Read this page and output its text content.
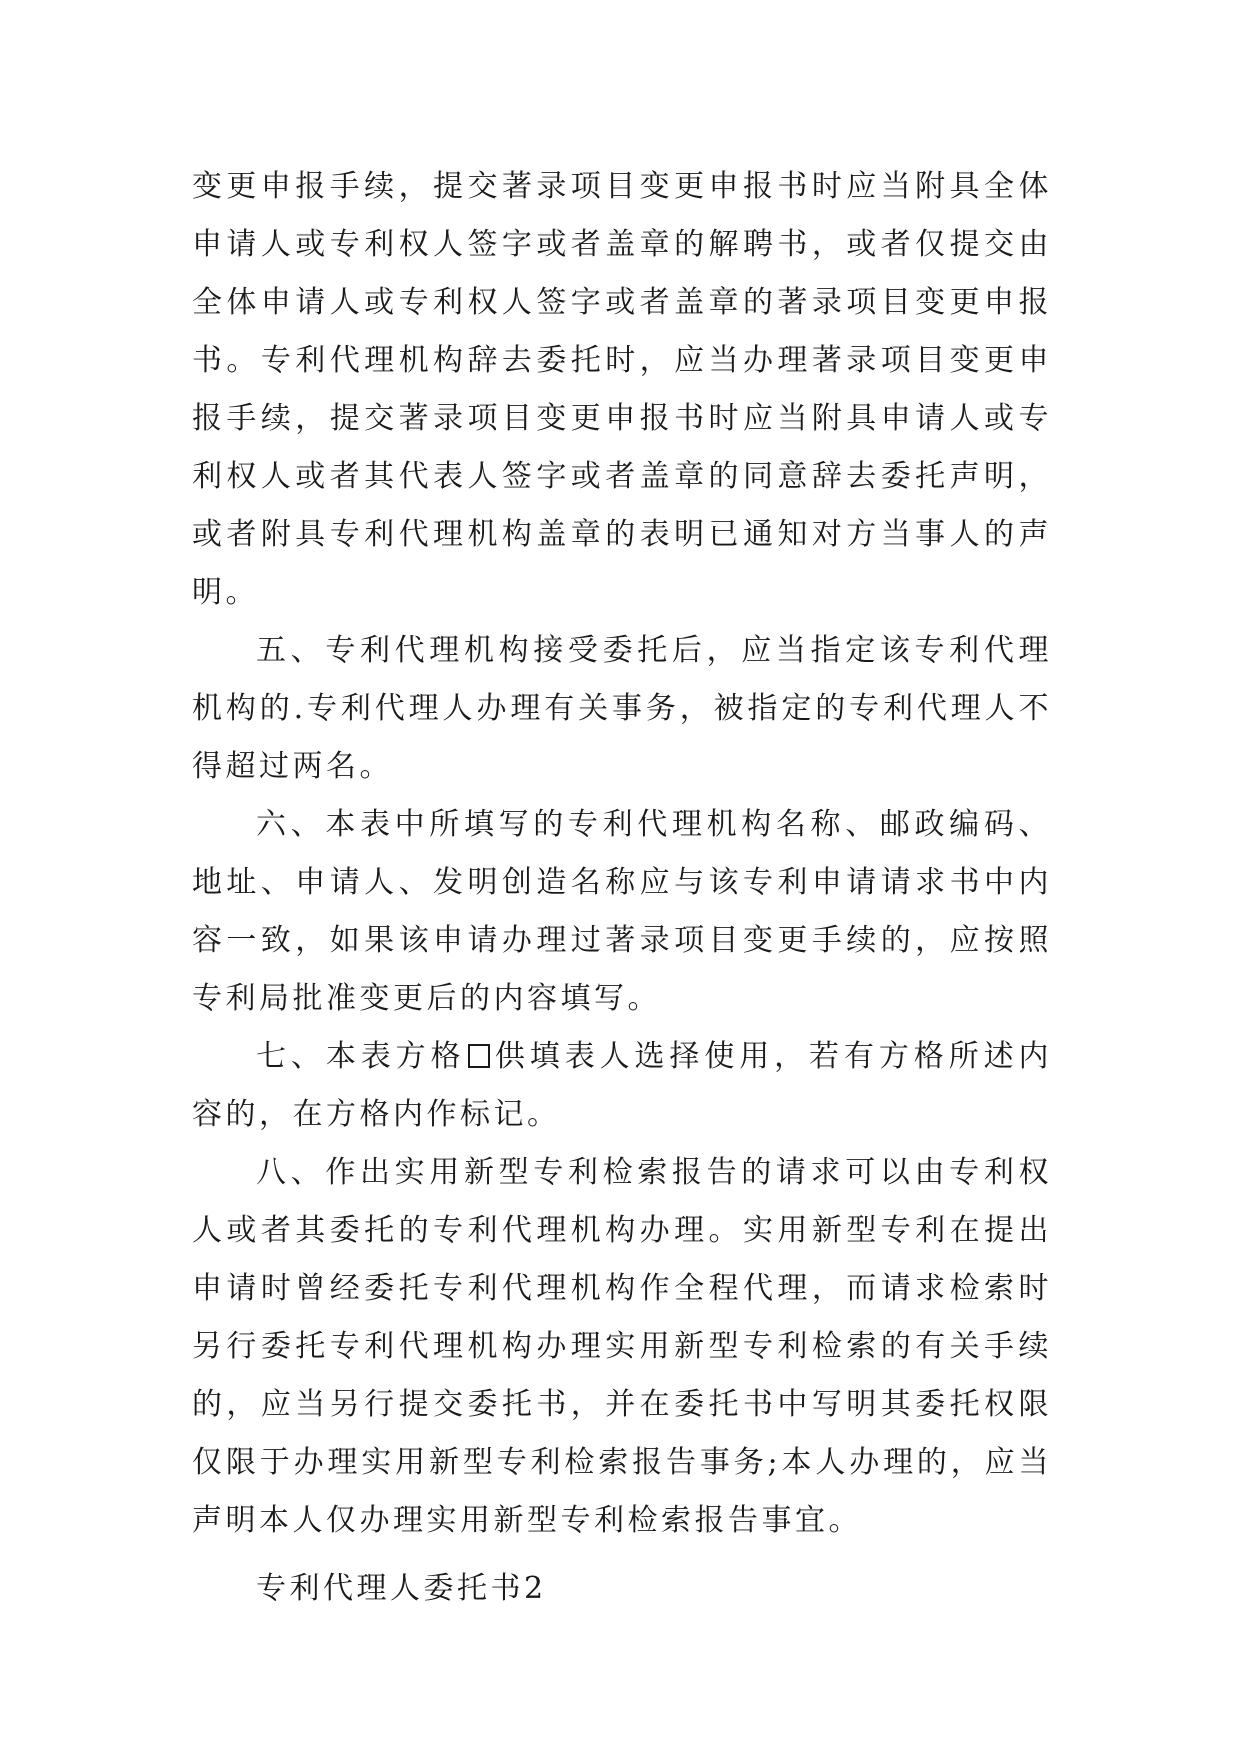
变更申报手续，提交著录项目变更申报书时应当附具全体申请人或专利权人签字或者盖章的解聘书，或者仅提交由全体申请人或专利权人签字或者盖章的著录项目变更申报书。专利代理机构辞去委托时，应当办理著录项目变更申报手续，提交著录项目变更申报书时应当附具申请人或专利权人或者其代表人签字或者盖章的同意辞去委托声明，或者附具专利代理机构盖章的表明已通知对方当事人的声明。

五、专利代理机构接受委托后，应当指定该专利代理机构的.专利代理人办理有关事务，被指定的专利代理人不得超过两名。

六、本表中所填写的专利代理机构名称、邮政编码、地址、申请人、发明创造名称应与该专利申请请求书中内容一致，如果该申请办理过著录项目变更手续的，应按照专利局批准变更后的内容填写。

七、本表方格 供填表人选择使用，若有方格所述内容的，在方格内作标记。

八、作出实用新型专利检索报告的请求可以由专利权人或者其委托的专利代理机构办理。实用新型专利在提出申请时曾经委托专利代理机构作全程代理，而请求检索时另行委托专利代理机构办理实用新型专利检索的有关手续的，应当另行提交委托书，并在委托书中写明其委托权限仅限于办理实用新型专利检索报告事务;本人办理的，应当声明本人仅办理实用新型专利检索报告事宜。

专利代理人委托书2
